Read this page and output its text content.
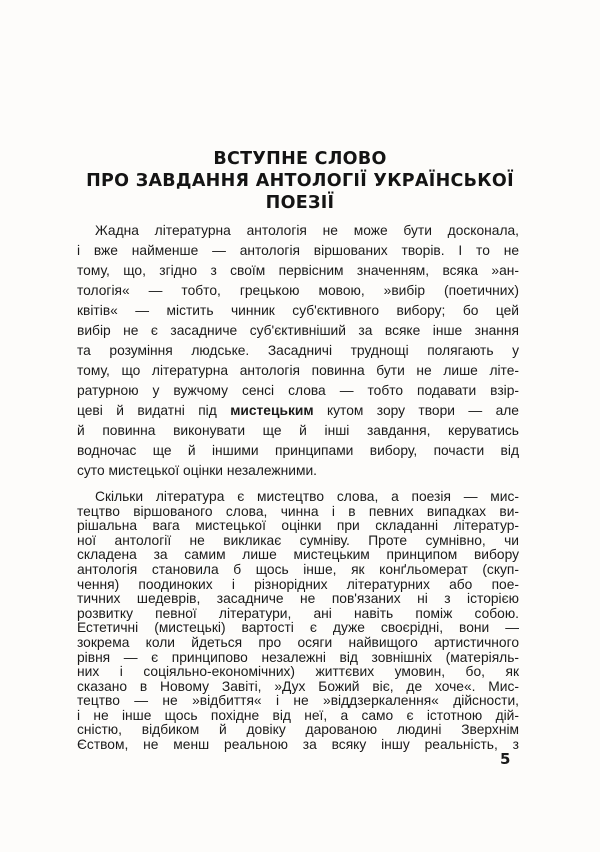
ВСТУПНЕ СЛОВО
ПРО ЗАВДАННЯ АНТОЛОГІЇ УКРАЇНСЬКОЇ
ПОЕЗІЇ
Жадна літературна антологія не може бути досконала,
і вже найменше — антологія віршованих творів. І то не
тому, що, згідно з своїм первісним значенням, всяка »ан-
тологія« — тобто, грецькою мовою, »вибір (поетичних)
квітів« — містить чинник суб'єктивного вибору; бо цей
вибір не є засадниче суб'єктивніший за всяке інше знання
та розуміння людське. Засадничі труднощі полягають у
тому, що літературна антологія повинна бути не лише літе-
ратурною у вужчому сенсі слова — тобто подавати взір-
цеві й видатні під мистецьким кутом зору твори — але
й повинна виконувати ще й інші завдання, керуватись
водночас ще й іншими принципами вибору, почасти від
суто мистецької оцінки незалежними.
Скільки література є мистецтво слова, а поезія — мис-
тецтво віршованого слова, чинна і в певних випадках ви-
рішальна вага мистецької оцінки при складанні літератур-
ної антології не викликає сумніву. Проте сумнівно, чи
складена за самим лише мистецьким принципом вибору
антологія становила б щось інше, як конґльомерат (скуп-
чення) поодиноких і різнорідних літературних або пое-
тичних шедеврів, засадниче не пов'язаних ні з історією
розвитку певної літератури, ані навіть поміж собою.
Естетичні (мистецькі) вартості є дуже своєрідні, вони —
зокрема коли йдеться про осяги найвищого артистичного
рівня — є принципово незалежні від зовнішніх (матеріяль-
них і соціяльно-економічних) життєвих умовин, бо, як
сказано в Новому Завіті, »Дух Божий віє, де хоче«. Мис-
тецтво — не »відбиття« і не »віддзеркалення« дійсности,
і не інше щось похідне від неї, а само є істотною дій-
сністю, відбиком й довіку дарованою людині Зверхнім
Єством, не менш реальною за всяку іншу реальність, з
5
